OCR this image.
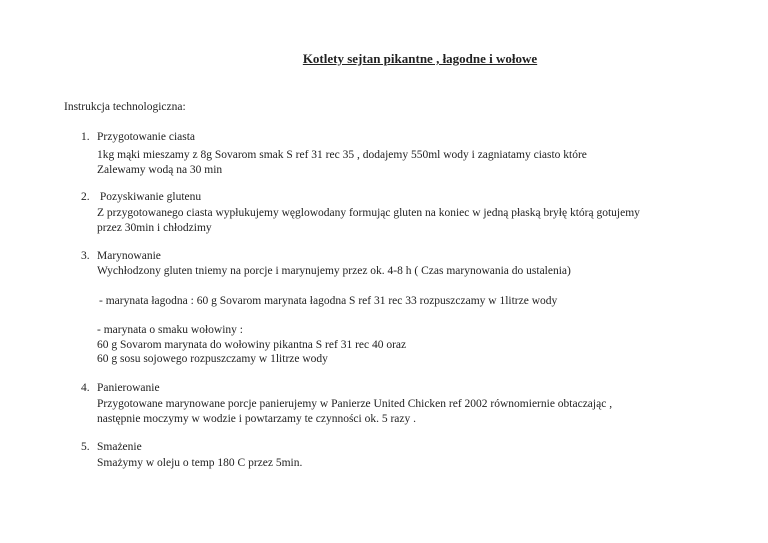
Kotlety sejtan pikantne , łagodne i wołowe
Instrukcja technologiczna:
1. Przygotowanie ciasta
1kg mąki mieszamy z 8g Sovarom smak S ref 31 rec 35 , dodajemy 550ml wody i zagniatamy ciasto które
Zalewamy wodą na 30 min
2. Pozyskiwanie glutenu
Z przygotowanego ciasta wypłukujemy węglowodany formując gluten na koniec w jedną płaską bryłę którą gotujemy
przez 30min i chłodzimy
3. Marynowanie
Wychłodzony gluten tniemy na porcje i marynujemy przez ok. 4-8 h ( Czas marynowania do ustalenia)
- marynata łagodna : 60 g Sovarom marynata łagodna S ref 31 rec 33 rozpuszczamy w 1litrze wody
- marynata o smaku wołowiny :
60 g Sovarom marynata do wołowiny pikantna S ref 31 rec 40 oraz
60 g sosu sojowego rozpuszczamy w 1litrze wody
4. Panierowanie
Przygotowane marynowane porcje panierujemy w Panierze United Chicken ref 2002 równomiernie obtaczając ,
następnie moczymy w wodzie i powtarzamy te czynności ok. 5 razy .
5. Smażenie
Smażymy w oleju o temp 180 C przez 5min.
